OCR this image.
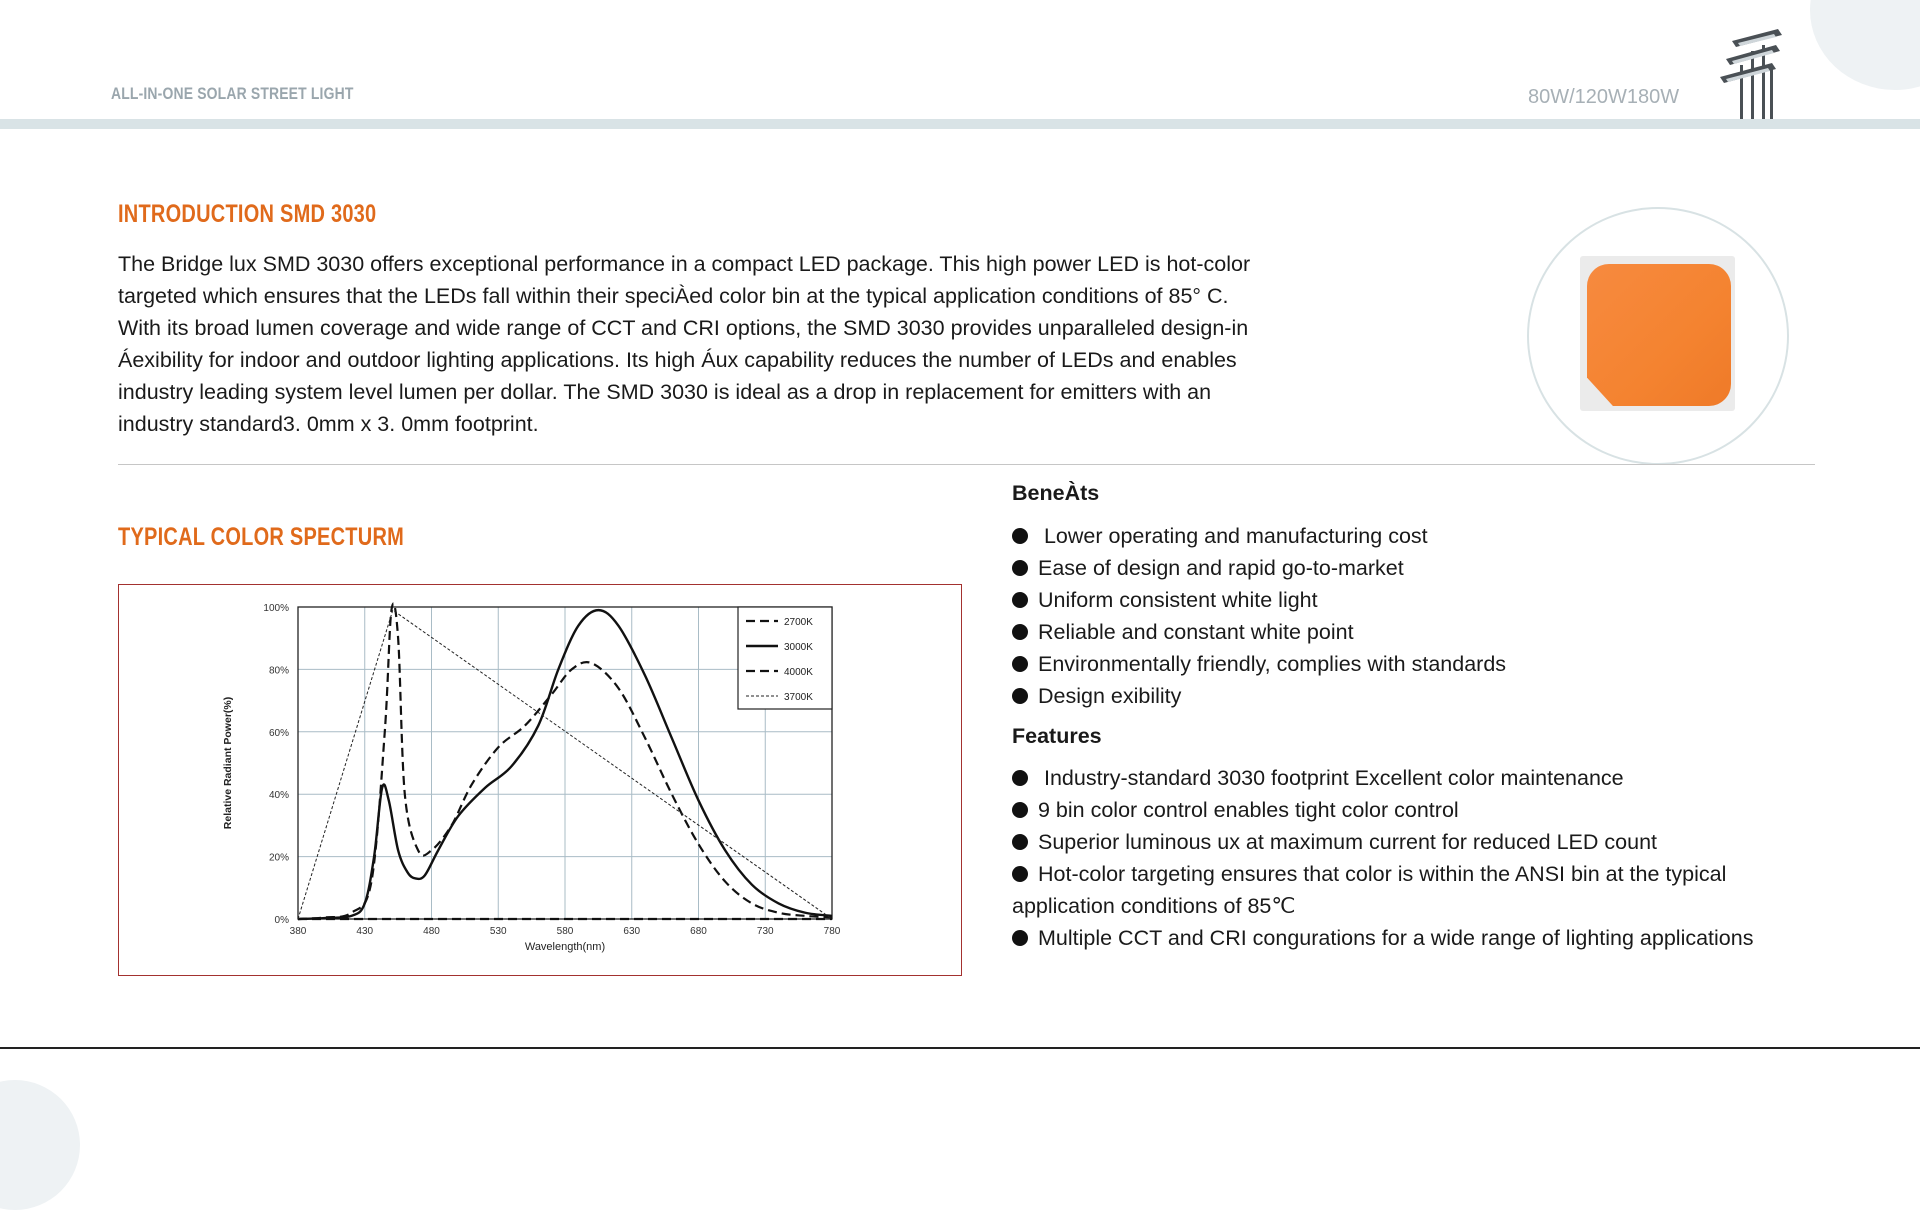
ALL-IN-ONE SOLAR STREET LIGHT	80W/120W180W
INTRODUCTION SMD 3030
The Bridge lux SMD 3030 offers exceptional performance in a compact LED package. This high power LED is hot-color
targeted which ensures that the LEDs fall within their speciÀed color bin at the typical application conditions of 85° C.
With its broad lumen coverage and wide range of CCT and CRI options, the SMD 3030 provides unparalleled design-in
Áexibility for indoor and outdoor lighting applications. Its high Áux capability reduces the number of LEDs and enables
industry leading system level lumen per dollar. The SMD 3030 is ideal as a drop in replacement for emitters with an
industry standard3. 0mm x 3. 0mm footprint.
TYPICAL COLOR SPECTURM
380	430	480	530	580	630	680	730	780
0%
20%
40%
60%
80%
100%
Wavelength(nm)
Relative Radiant Power(%)
2700K
3000K
4000K
3700K
BeneÀts
Lower operating and manufacturing cost
Ease of design and rapid go-to-market
Uniform consistent white light
Reliable and constant white point
Environmentally friendly, complies with standards
Design exibility
Features
Industry-standard 3030 footprint Excellent color maintenance
9 bin color control enables tight color control
Superior luminous ux at maximum current for reduced LED count
Hot-color targeting ensures that color is within the ANSI bin at the typical application conditions of 85℃
Multiple CCT and CRI congurations for a wide range of lighting applications
